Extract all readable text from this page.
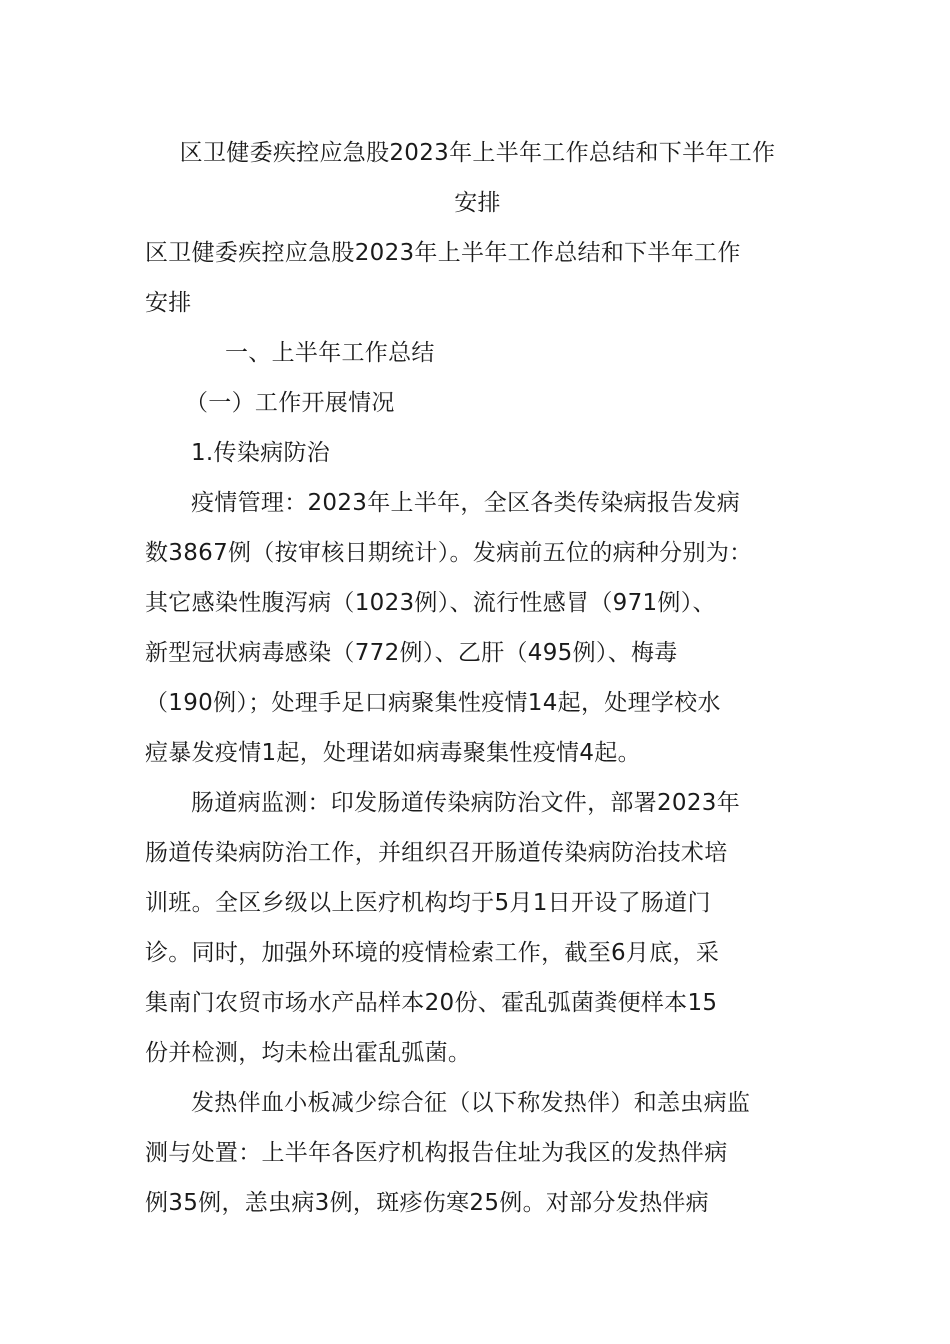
区卫健委疾控应急股2023年上半年工作总结和下半年工作
安排
区卫健委疾控应急股2023年上半年工作总结和下半年工作
安排
一、上半年工作总结
（一）工作开展情况
1.传染病防治
疫情管理：2023年上半年，全区各类传染病报告发病
数3867例（按审核日期统计）。发病前五位的病种分别为：
其它感染性腹泻病（1023例）、流行性感冒（971例）、
新型冠状病毒感染（772例）、乙肝（495例）、梅毒
（190例）；处理手足口病聚集性疫情14起，处理学校水
痘暴发疫情1起，处理诺如病毒聚集性疫情4起。
肠道病监测：印发肠道传染病防治文件，部署2023年
肠道传染病防治工作，并组织召开肠道传染病防治技术培
训班。全区乡级以上医疗机构均于5月1日开设了肠道门
诊。同时，加强外环境的疫情检索工作，截至6月底，采
集南门农贸市场水产品样本20份、霍乱弧菌粪便样本15
份并检测，均未检出霍乱弧菌。
发热伴血小板减少综合征（以下称发热伴）和恙虫病监
测与处置：上半年各医疗机构报告住址为我区的发热伴病
例35例，恙虫病3例，斑疹伤寒25例。对部分发热伴病
